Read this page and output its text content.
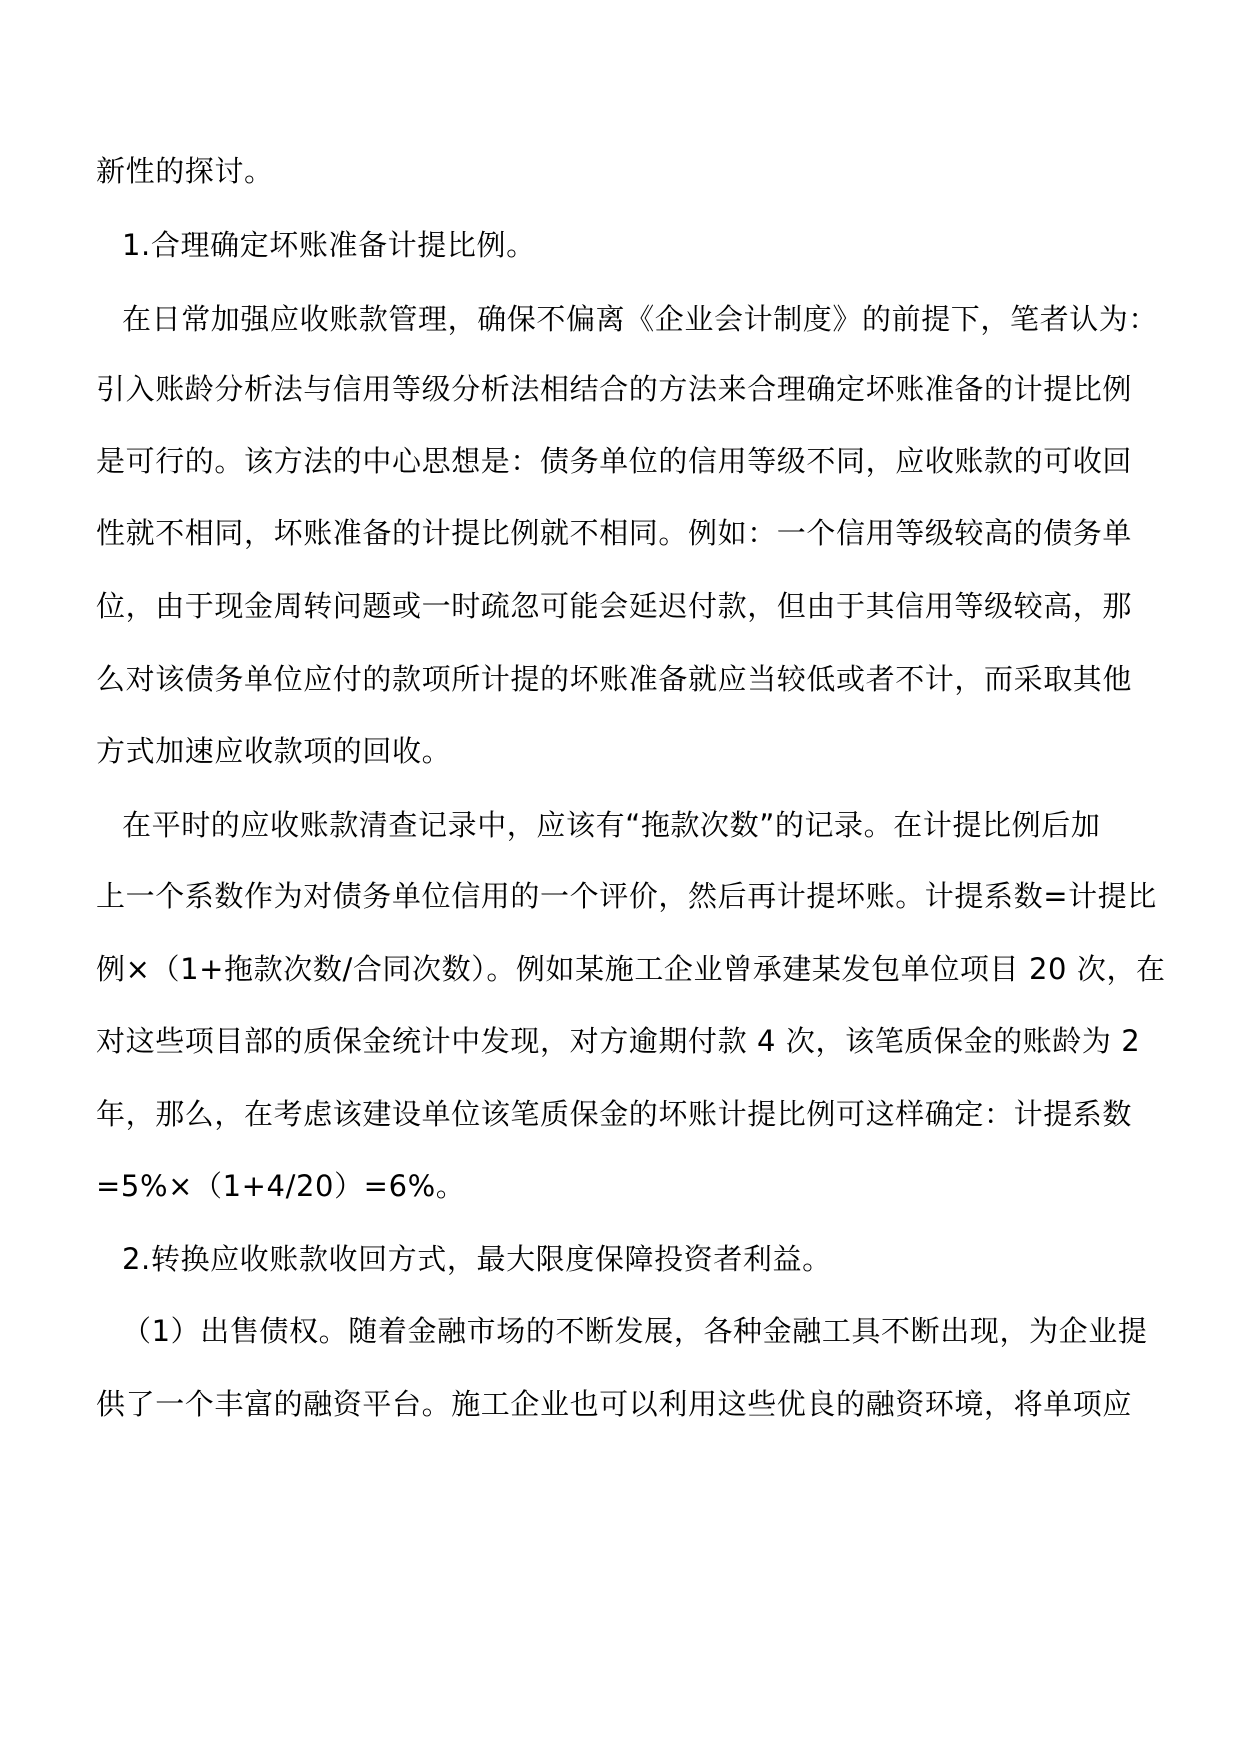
新性的探讨。
1.合理确定坏账准备计提比例。
在日常加强应收账款管理，确保不偏离《企业会计制度》的前提下，笔者认为：
引入账龄分析法与信用等级分析法相结合的方法来合理确定坏账准备的计提比例
是可行的。该方法的中心思想是：债务单位的信用等级不同，应收账款的可收回
性就不相同，坏账准备的计提比例就不相同。例如：一个信用等级较高的债务单
位，由于现金周转问题或一时疏忽可能会延迟付款，但由于其信用等级较高，那
么对该债务单位应付的款项所计提的坏账准备就应当较低或者不计，而采取其他
方式加速应收款项的回收。
在平时的应收账款清查记录中，应该有“拖款次数”的记录。在计提比例后加
上一个系数作为对债务单位信用的一个评价，然后再计提坏账。计提系数=计提比
例×（1+拖款次数/合同次数）。例如某施工企业曾承建某发包单位项目 20 次，在
对这些项目部的质保金统计中发现，对方逾期付款 4 次，该笔质保金的账龄为 2
年，那么，在考虑该建设单位该笔质保金的坏账计提比例可这样确定：计提系数
=5%×（1+4/20）=6%。
2.转换应收账款收回方式，最大限度保障投资者利益。
（1）出售债权。随着金融市场的不断发展，各种金融工具不断出现，为企业提
供了一个丰富的融资平台。施工企业也可以利用这些优良的融资环境，将单项应
